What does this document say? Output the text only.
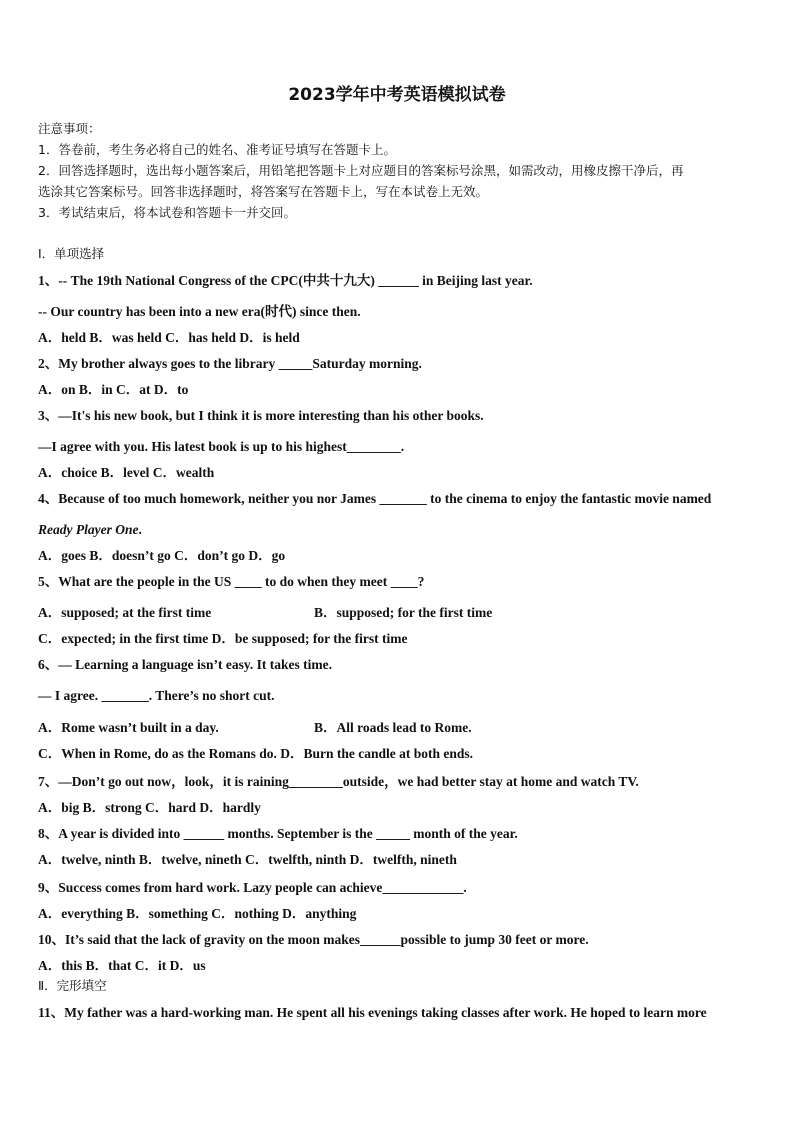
2023学年中考英语模拟试卷
注意事项：
1．答卷前，考生务必将自己的姓名、准考证号填写在答题卡上。
2．回答选择题时，选出每小题答案后，用铅笔把答题卡上对应题目的答案标号涂黑，如需改动，用橡皮擦干净后，再
选涂其它答案标号。回答非选择题时，将答案写在答题卡上，写在本试卷上无效。
3．考试结束后，将本试卷和答题卡一并交回。
Ⅰ．单项选择
1、-- The 19th National Congress of the CPC(中共十九大) ______ in Beijing last year.
-- Our country has been into a new era(时代) since then.
A．held B．was held C．has held D．is held
2、My brother always goes to the library _____Saturday morning.
A．on B．in C．at D．to
3、—It's his new book, but I think it is more interesting than his other books.
—I agree with you. His latest book is up to his highest________.
A．choice B．level C．wealth
4、Because of too much homework, neither you nor James _______ to the cinema to enjoy the fantastic movie named
Ready Player One.
A．goes B．doesn’t go C．don’t go D．go
5、What are the people in the US ____ to do when they meet ____?
A．supposed; at the first time	B．supposed; for the first time
C．expected; in the first time D．be supposed; for the first time
6、— Learning a language isn’t easy. It takes time.
— I agree. _______. There’s no short cut.
A．Rome wasn’t built in a day.	B．All roads lead to Rome.
C．When in Rome, do as the Romans do. D．Burn the candle at both ends.
7、—Don’t go out now，look，it is raining________outside，we had better stay at home and watch TV.
A．big B．strong C．hard D．hardly
8、A year is divided into ______ months. September is the _____ month of the year.
A．twelve, ninth B．twelve, nineth C．twelfth, ninth D．twelfth, nineth
9、Success comes from hard work. Lazy people can achieve____________.
A．everything B．something C．nothing D．anything
10、It’s said that the lack of gravity on the moon makes______possible to jump 30 feet or more.
A．this B．that C．it D．us
Ⅱ．完形填空
11、My father was a hard-working man. He spent all his evenings taking classes after work. He hoped to learn more
